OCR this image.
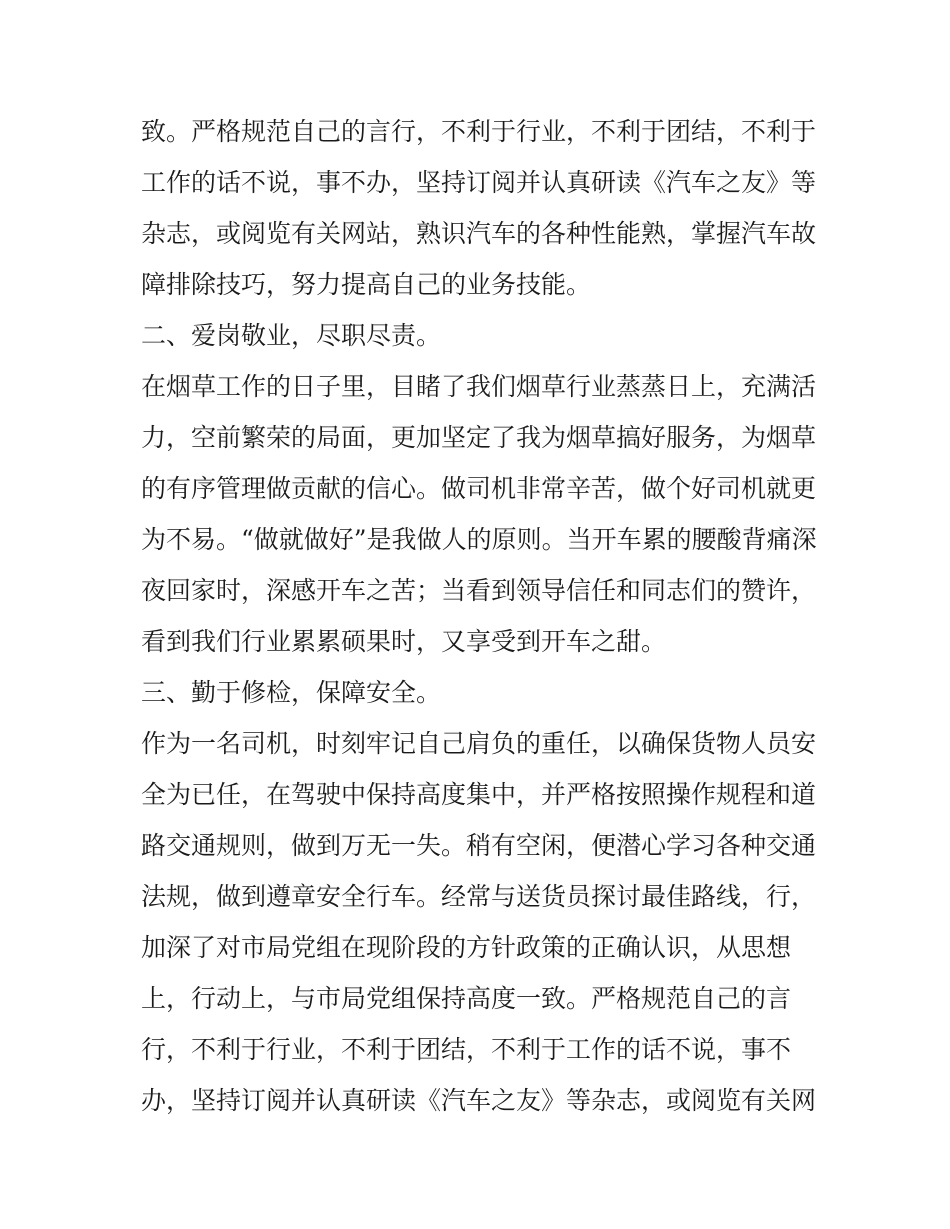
致。严格规范自己的言行，不利于行业，不利于团结，不利于
工作的话不说，事不办，坚持订阅并认真研读《汽车之友》等
杂志，或阅览有关网站，熟识汽车的各种性能熟，掌握汽车故
障排除技巧，努力提高自己的业务技能。
二、爱岗敬业，尽职尽责。
在烟草工作的日子里，目睹了我们烟草行业蒸蒸日上，充满活
力，空前繁荣的局面，更加坚定了我为烟草搞好服务，为烟草
的有序管理做贡献的信心。做司机非常辛苦，做个好司机就更
为不易。“做就做好”是我做人的原则。当开车累的腰酸背痛深
夜回家时，深感开车之苦；当看到领导信任和同志们的赞许，
看到我们行业累累硕果时，又享受到开车之甜。
三、勤于修检，保障安全。
作为一名司机，时刻牢记自己肩负的重任，以确保货物人员安
全为已任，在驾驶中保持高度集中，并严格按照操作规程和道
路交通规则，做到万无一失。稍有空闲，便潜心学习各种交通
法规，做到遵章安全行车。经常与送货员探讨最佳路线，行，
加深了对市局党组在现阶段的方针政策的正确认识，从思想
上，行动上，与市局党组保持高度一致。严格规范自己的言
行，不利于行业，不利于团结，不利于工作的话不说，事不
办，坚持订阅并认真研读《汽车之友》等杂志，或阅览有关网
